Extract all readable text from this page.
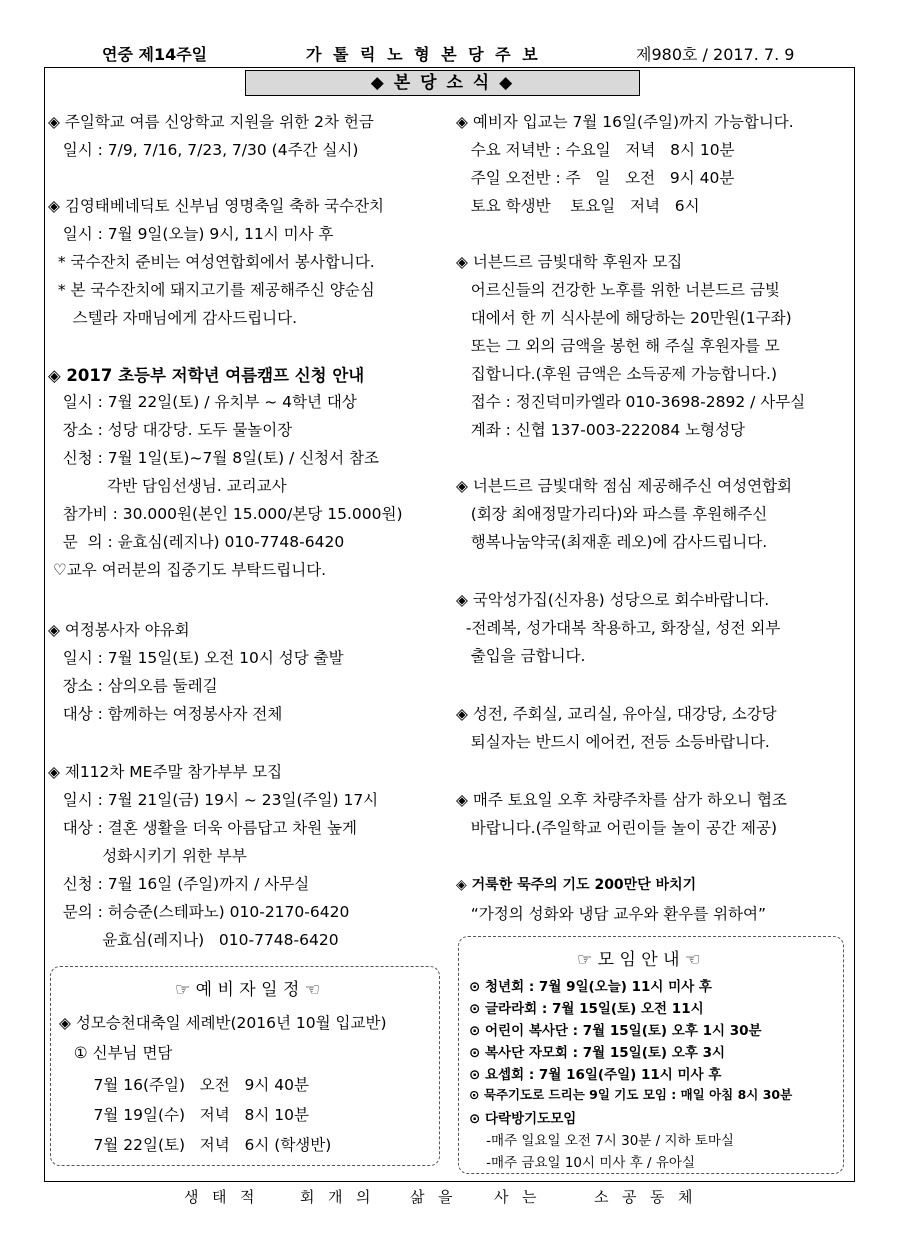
연중 제14주일	가 톨 릭 노 형 본 당 주 보	제980호 / 2017. 7. 9
◆ 본 당 소 식 ◆
◈ 주일학교 여름 신앙학교 지원을 위한 2차 헌금
일시 : 7/9, 7/16, 7/23, 7/30 (4주간 실시)
◈ 김영태베네딕토 신부님 영명축일 축하 국수잔치
일시 : 7월 9일(오늘) 9시, 11시 미사 후
* 국수잔치 준비는 여성연합회에서 봉사합니다.
* 본 국수잔치에 돼지고기를 제공해주신 양순심
스텔라 자매님에게 감사드립니다.
◈ 2017 초등부 저학년 여름캠프 신청 안내
일시 : 7월 22일(토) / 유치부 ~ 4학년 대상
장소 : 성당 대강당. 도두 물놀이장
신청 : 7월 1일(토)~7월 8일(토) / 신청서 참조
각반 담임선생님. 교리교사
참가비 : 30.000원(본인 15.000/본당 15.000원)
문  의 : 윤효심(레지나) 010-7748-6420
♡교우 여러분의 집중기도 부탁드립니다.
◈ 여정봉사자 야유회
일시 : 7월 15일(토) 오전 10시 성당 출발
장소 : 삼의오름 둘레길
대상 : 함께하는 여정봉사자 전체
◈ 제112차 ME주말 참가부부 모집
일시 : 7월 21일(금) 19시 ~ 23일(주일) 17시
대상 : 결혼 생활을 더욱 아름답고 차원 높게
성화시키기 위한 부부
신청 : 7월 16일 (주일)까지 / 사무실
문의 : 허승준(스테파노) 010-2170-6420
윤효심(레지나)   010-7748-6420
◈ 예비자 입교는 7월 16일(주일)까지 가능합니다.
수요 저녁반 : 수요일   저녁   8시 10분
주일 오전반 : 주   일   오전   9시 40분
토요 학생반    토요일   저녁   6시
◈ 너븐드르 금빛대학 후원자 모집
어르신들의 건강한 노후를 위한 너븐드르 금빛
대에서 한 끼 식사분에 해당하는 20만원(1구좌)
또는 그 외의 금액을 봉헌 해 주실 후원자를 모
집합니다.(후원 금액은 소득공제 가능합니다.)
접수 : 정진덕미카엘라 010-3698-2892 / 사무실
계좌 : 신협 137-003-222084 노형성당
◈ 너븐드르 금빛대학 점심 제공해주신 여성연합회
(회장 최애정말가리다)와 파스를 후원해주신
행복나눔약국(최재훈 레오)에 감사드립니다.
◈ 국악성가집(신자용) 성당으로 회수바랍니다.
-전례복, 성가대복 착용하고, 화장실, 성전 외부
출입을 금합니다.
◈ 성전, 주회실, 교리실, 유아실, 대강당, 소강당
퇴실자는 반드시 에어컨, 전등 소등바랍니다.
◈ 매주 토요일 오후 차량주차를 삼가 하오니 협조
바랍니다.(주일학교 어린이들 놀이 공간 제공)
◈ 거룩한 묵주의 기도 200만단 바치기
“가정의 성화와 냉담 교우와 환우를 위하여”
☞ 예 비 자 일 정 ☜
◈ 성모승천대축일 세례반(2016년 10월 입교반)
① 신부님 면담
7월 16(주일)   오전   9시 40분
7월 19일(수)   저녁   8시 10분
7월 22일(토)   저녁   6시 (학생반)
☞ 모 임 안 내 ☜
⊙ 청년회 : 7월 9일(오늘) 11시 미사 후
⊙ 글라라회 : 7월 15일(토) 오전 11시
⊙ 어린이 복사단 : 7월 15일(토) 오후 1시 30분
⊙ 복사단 자모회 : 7월 15일(토) 오후 3시
⊙ 요셉회 : 7월 16일(주일) 11시 미사 후
⊙ 묵주기도로 드리는 9일 기도 모임 : 매일 아침 8시 30분
⊙ 다락방기도모임
-매주 일요일 오전 7시 30분 / 지하 토마실
-매주 금요일 10시 미사 후 / 유아실
생 태 적	회 개 의	삶 을	사 는	소 공 동 체
